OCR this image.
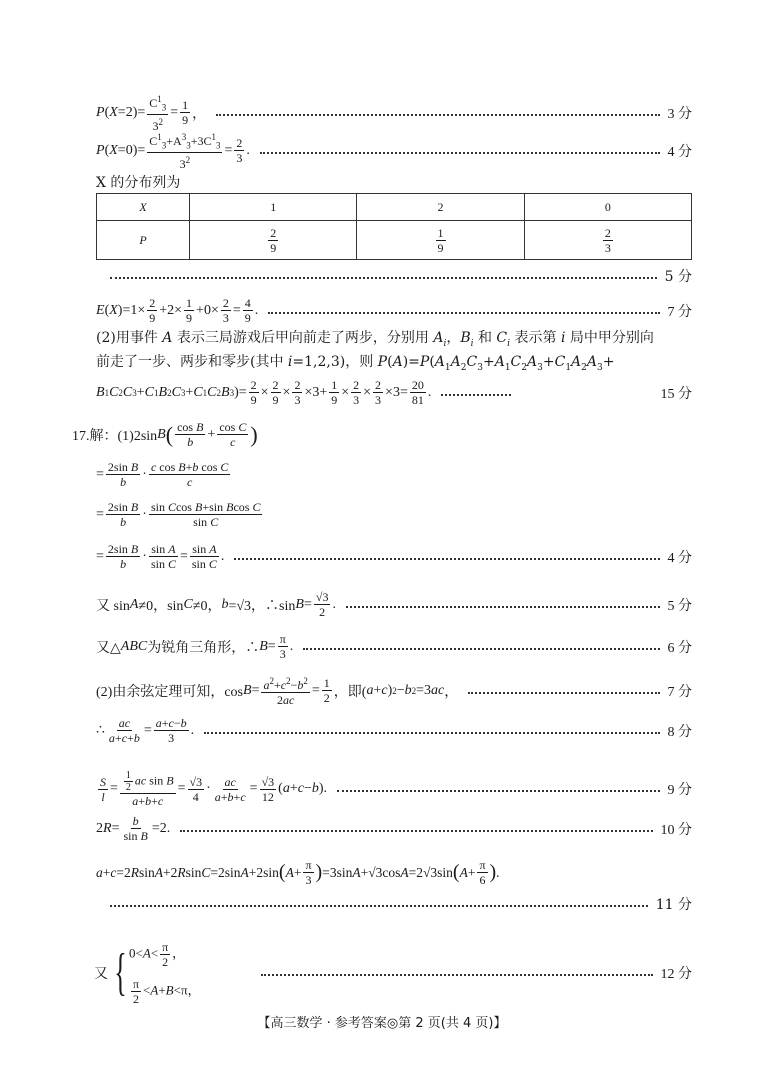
P ( $X =2)= \frac{C^1_3}{3^2} = \frac{1}{9}$ ，	3 分
P ( $X =0)= \frac{C^1_3+A^3_3+3C^1_3}{3^2} = \frac{2}{3}$ .	4 分
X 的分布列为
X	1	2	0
P	$\frac{2}{9}$	$\frac{1}{9}$	$\frac{2}{3}$
5 分
E ( X )$=1\times \frac{2}{9} +2\times \frac{1}{9} +0\times \frac{2}{3} = \frac{4}{9}$ .	7 分
(2)用事件 A 表示三局游戏后甲向前走了两步，分别用 $A_i$，$B_i$ 和 $C_i$ 表示第 i 局中甲分别向
前走了一步、两步和零步(其中 i=1,2,3)，则 $P(A)=P(A_1A_2C_3+A_1C_2A_3+C_1A_2A_3+$
B 1 C 2 C 3 + C 1 B 2 C 3 + C 1 C 2 B 3 )= $\frac{2}{9} \times \frac{2}{9} \times \frac{2}{3} \times 3+ \frac{1}{9} \times \frac{2}{3} \times \frac{2}{3} \times 3= \frac{20}{81}$ .	15 分
17.解：(1)2sin B ( $\frac{\text{cos B}}{b} + \frac{\text{cos C}}{c}$ )
= $\frac{\text{2sin B}}{b} \cdot \frac{\text{c cos B+b cos C}}{c}$
= $\frac{\text{2sin B}}{b} \cdot \frac{\text{sin Ccos B+sin Bcos C}}{\text{sin C}}$
= $\frac{\text{2sin B}}{b} \cdot \frac{\text{sin A}}{\text{sin C}} = \frac{\text{sin A}}{\text{sin C}}$ .	4 分
又 sin A ≠0，sin C ≠0， b =√3，∴sin $B = \frac{√3}{2}$ .	5 分
又△ ABC 为锐角三角形，∴ $B = \frac{\pi}{3}$ .	6 分
(2)由余弦定理可知，$\cos B = \frac{a^2+c^2-b^2}{2ac} = \frac{1}{2}$ ，即( a + c ) 2 − b 2 =3 ac ，	7 分
∴ $\frac{ac}{a+c+b} = \frac{a+c-b}{3}$ .	8 分
$\frac{S}{l} = \frac{\frac{1}{2} ac \sin B}{a+b+c} = \frac{√3}{4} \cdot \frac{ac}{a+b+c} = \frac{√3}{12}$ ( a + c − b ).	9 分
2 $R = \frac{b}{\text{sin B}} =2$.	10 分
a + c =2 R sin A +2 R sin C =2sin A +2sin ( $A + \frac{\pi}{3}$ ) =3sin A +√3cos A =2√3sin ( $A + \frac{\pi}{6}$ ) .
11 分
又 { $0<A< \frac{\pi}{2}$ ，
$\frac{\pi}{2} <A+B<\pi$，
12 分
【高三数学 · 参考答案◎第 2 页(共 4 页)】
